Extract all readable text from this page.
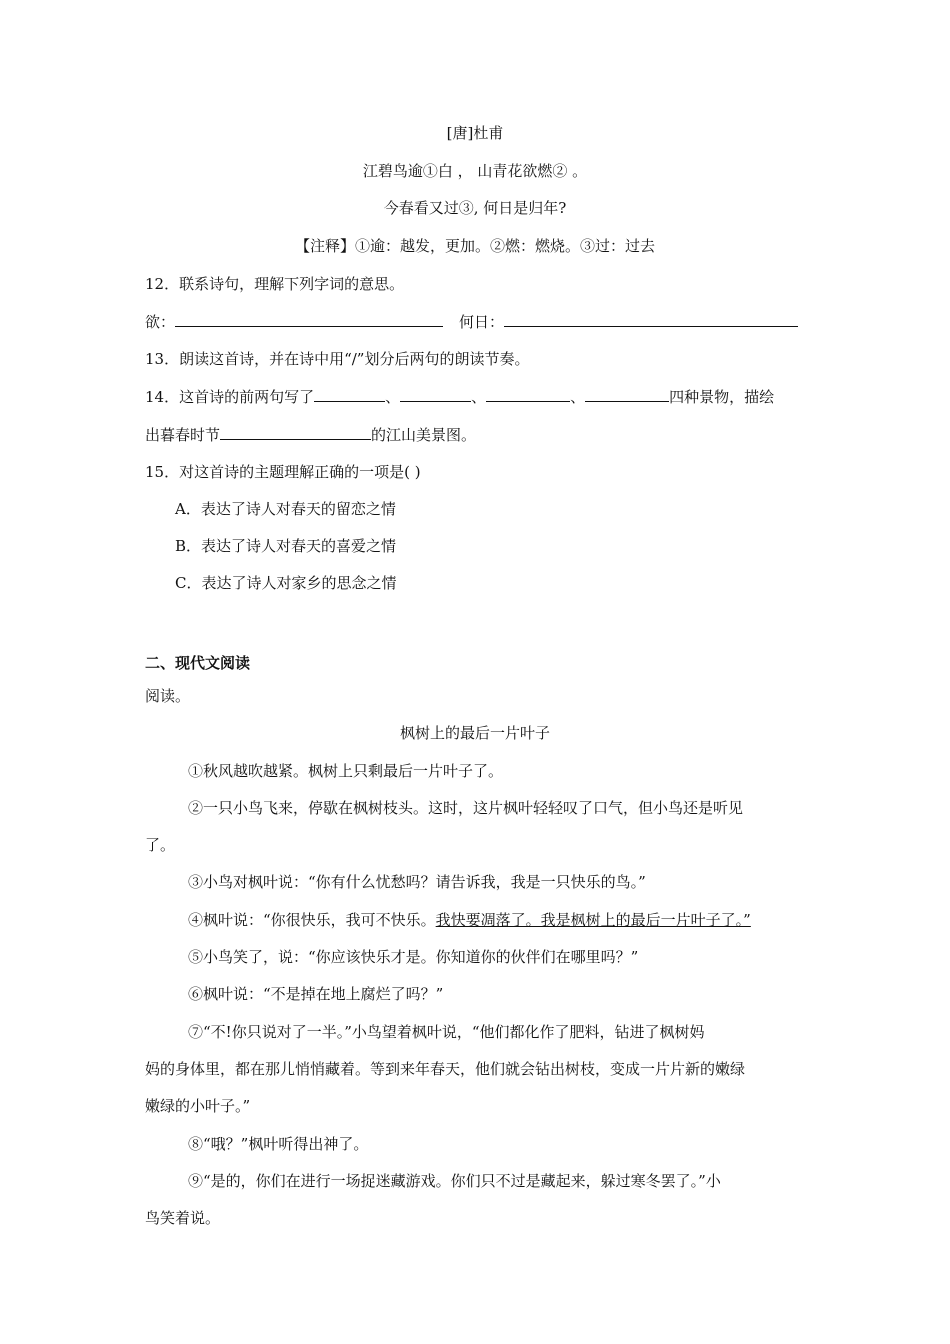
[唐]杜甫
江碧鸟逾①白 ， 山青花欲燃② 。
今春看又过③, 何日是归年?
【注释】①逾：越发，更加。②燃：燃烧。③过：过去
12．联系诗句，理解下列字词的意思。
欲：	何日：
13．朗读这首诗，并在诗中用“/”划分后两句的朗读节奏。
14．这首诗的前两句写了	、	、	、	四种景物，描绘
出暮春时节	的江山美景图。
15．对这首诗的主题理解正确的一项是( )
A．表达了诗人对春天的留恋之情
B．表达了诗人对春天的喜爱之情
C．表达了诗人对家乡的思念之情
二、现代文阅读
阅读。
枫树上的最后一片叶子
①秋风越吹越紧。枫树上只剩最后一片叶子了。
②一只小鸟飞来，停歇在枫树枝头。这时，这片枫叶轻轻叹了口气，但小鸟还是听见
了。
③小鸟对枫叶说：“你有什么忧愁吗？请告诉我，我是一只快乐的鸟。”
④枫叶说：“你很快乐，我可不快乐。我快要凋落了。我是枫树上的最后一片叶子了。”
⑤小鸟笑了，说：“你应该快乐才是。你知道你的伙伴们在哪里吗？”
⑥枫叶说：“不是掉在地上腐烂了吗？”
⑦“不!你只说对了一半。”小鸟望着枫叶说，“他们都化作了肥料，钻进了枫树妈
妈的身体里，都在那儿悄悄藏着。等到来年春天，他们就会钻出树枝，变成一片片新的嫩绿
嫩绿的小叶子。”
⑧“哦？”枫叶听得出神了。
⑨“是的，你们在进行一场捉迷藏游戏。你们只不过是藏起来，躲过寒冬罢了。”小
鸟笑着说。
